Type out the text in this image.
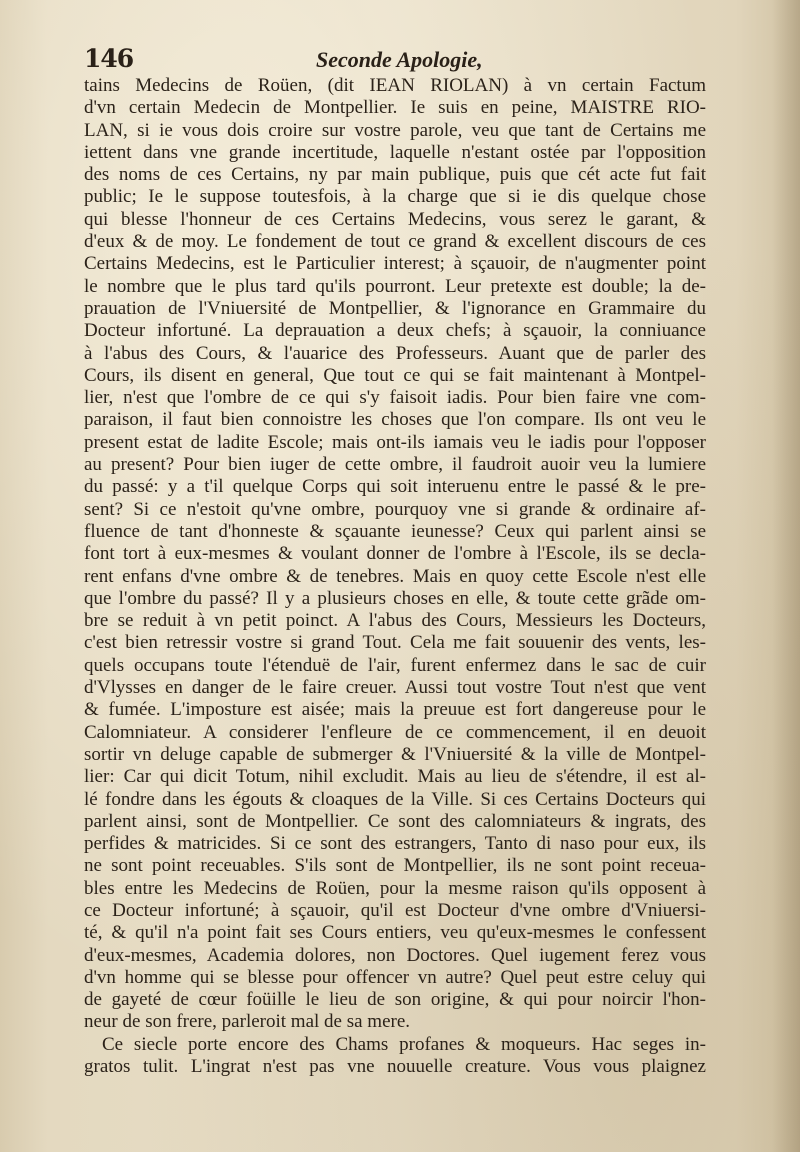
146	Seconde Apologie,
tains Medecins de Roüen, (dit IEAN RIOLAN) à vn certain Factum
d'vn certain Medecin de Montpellier. Ie suis en peine, MAISTRE RIO-
LAN, si ie vous dois croire sur vostre parole, veu que tant de Certains me
iettent dans vne grande incertitude, laquelle n'estant ostée par l'opposition
des noms de ces Certains, ny par main publique, puis que cét acte fut fait
public; Ie le suppose toutesfois, à la charge que si ie dis quelque chose
qui blesse l'honneur de ces Certains Medecins, vous serez le garant, &
d'eux & de moy. Le fondement de tout ce grand & excellent discours de ces
Certains Medecins, est le Particulier interest; à sçauoir, de n'augmenter point
le nombre que le plus tard qu'ils pourront. Leur pretexte est double; la de-
prauation de l'Vniuersité de Montpellier, & l'ignorance en Grammaire du
Docteur infortuné. La deprauation a deux chefs; à sçauoir, la conniuance
à l'abus des Cours, & l'auarice des Professeurs. Auant que de parler des
Cours, ils disent en general, Que tout ce qui se fait maintenant à Montpel-
lier, n'est que l'ombre de ce qui s'y faisoit iadis. Pour bien faire vne com-
paraison, il faut bien connoistre les choses que l'on compare. Ils ont veu le
present estat de ladite Escole; mais ont-ils iamais veu le iadis pour l'opposer
au present? Pour bien iuger de cette ombre, il faudroit auoir veu la lumiere
du passé: y a t'il quelque Corps qui soit interuenu entre le passé & le pre-
sent? Si ce n'estoit qu'vne ombre, pourquoy vne si grande & ordinaire af-
fluence de tant d'honneste & sçauante ieunesse? Ceux qui parlent ainsi se
font tort à eux-mesmes & voulant donner de l'ombre à l'Escole, ils se decla-
rent enfans d'vne ombre & de tenebres. Mais en quoy cette Escole n'est elle
que l'ombre du passé? Il y a plusieurs choses en elle, & toute cette grãde om-
bre se reduit à vn petit poinct. A l'abus des Cours, Messieurs les Docteurs,
c'est bien retressir vostre si grand Tout. Cela me fait souuenir des vents, les-
quels occupans toute l'étenduë de l'air, furent enfermez dans le sac de cuir
d'Vlysses en danger de le faire creuer. Aussi tout vostre Tout n'est que vent
& fumée. L'imposture est aisée; mais la preuue est fort dangereuse pour le
Calomniateur. A considerer l'enfleure de ce commencement, il en deuoit
sortir vn deluge capable de submerger & l'Vniuersité & la ville de Montpel-
lier: Car qui dicit Totum, nihil excludit. Mais au lieu de s'étendre, il est al-
lé fondre dans les égouts & cloaques de la Ville. Si ces Certains Docteurs qui
parlent ainsi, sont de Montpellier. Ce sont des calomniateurs & ingrats, des
perfides & matricides. Si ce sont des estrangers, Tanto di naso pour eux, ils
ne sont point receuables. S'ils sont de Montpellier, ils ne sont point receua-
bles entre les Medecins de Roüen, pour la mesme raison qu'ils opposent à
ce Docteur infortuné; à sçauoir, qu'il est Docteur d'vne ombre d'Vniuersi-
té, & qu'il n'a point fait ses Cours entiers, veu qu'eux-mesmes le confessent
d'eux-mesmes, Academia dolores, non Doctores. Quel iugement ferez vous
d'vn homme qui se blesse pour offencer vn autre? Quel peut estre celuy qui
de gayeté de cœur foüille le lieu de son origine, & qui pour noircir l'hon-
neur de son frere, parleroit mal de sa mere.
Ce siecle porte encore des Chams profanes & moqueurs. Hac seges in-
gratos tulit. L'ingrat n'est pas vne nouuelle creature. Vous vous plaignez
